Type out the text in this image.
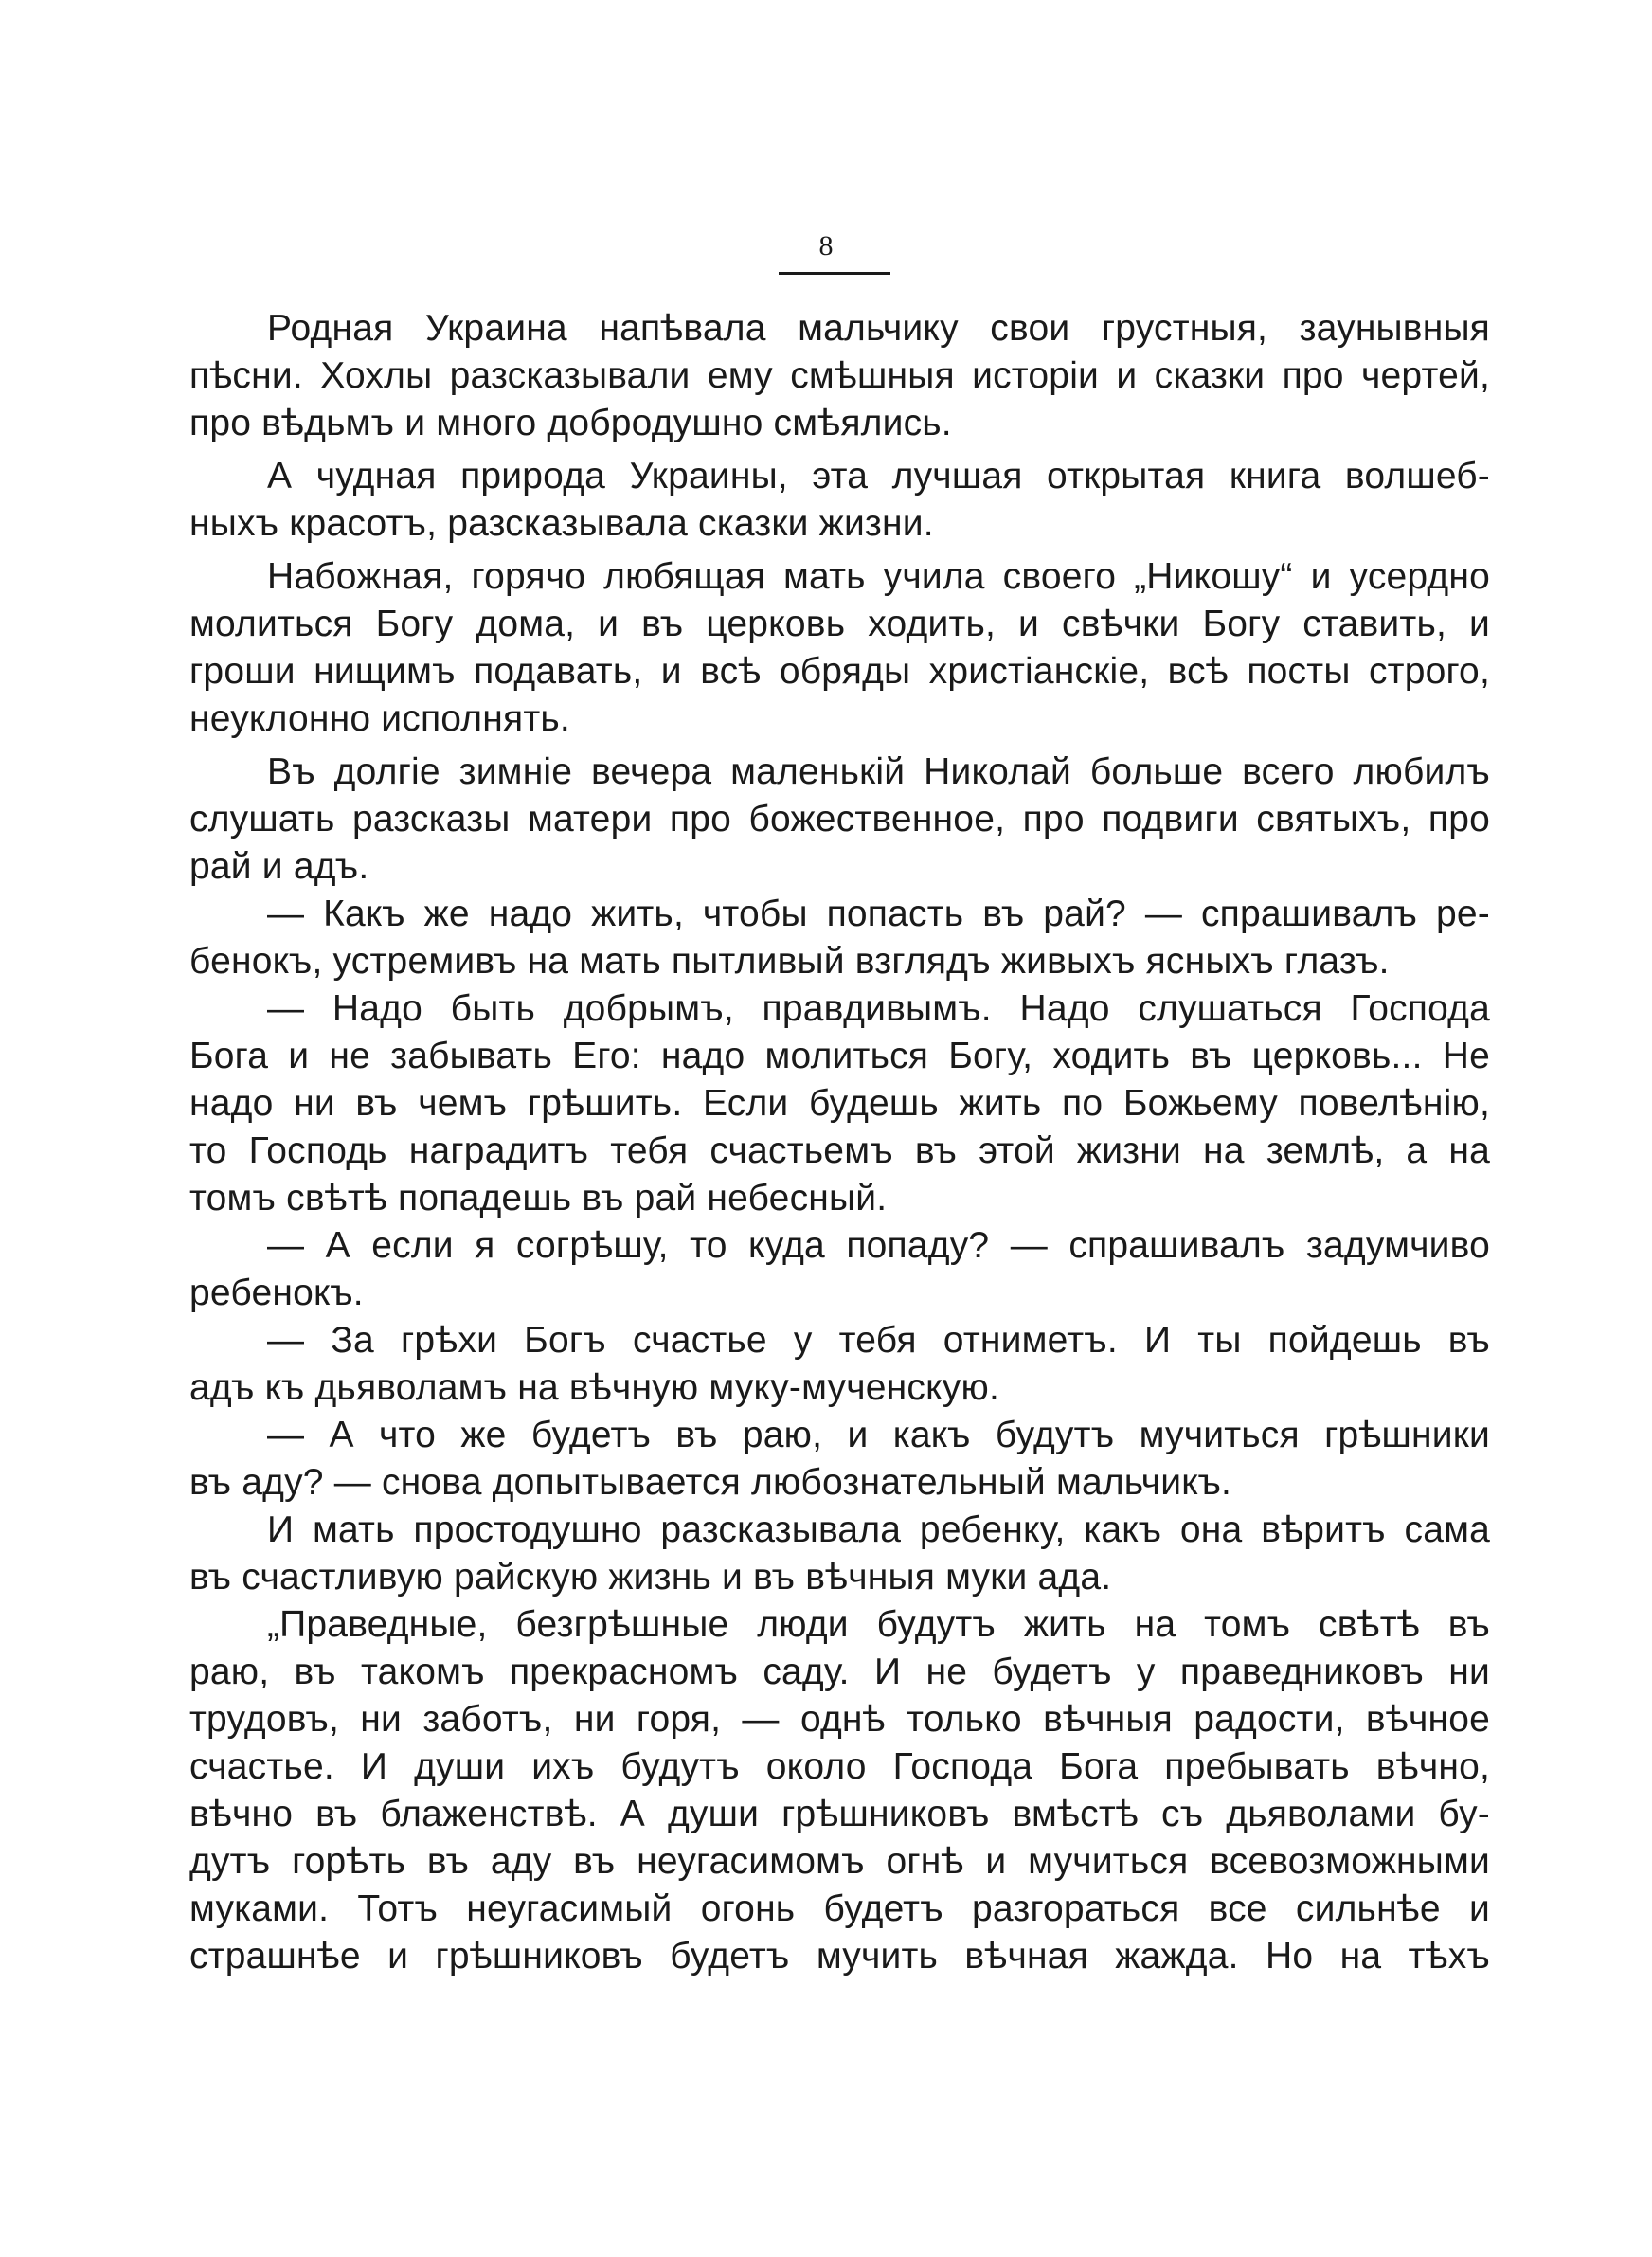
8
Родная Украина напѣвала мальчику свои грустныя, заунывныя
пѣсни. Хохлы разсказывали ему смѣшныя исторіи и сказки про чертей,
про вѣдьмъ и много добродушно смѣялись.
А чудная природа Украины, эта лучшая открытая книга волшеб-
ныхъ красотъ, разсказывала сказки жизни.
Набожная, горячо любящая мать учила своего „Никошу“ и усердно
молиться Богу дома, и въ церковь ходить, и свѣчки Богу ставить, и
гроши нищимъ подавать, и всѣ обряды христіанскіе, всѣ посты строго,
неуклонно исполнять.
Въ долгіе зимніе вечера маленькій Николай больше всего любилъ
слушать разсказы матери про божественное, про подвиги святыхъ, про
рай и адъ.
— Какъ же надо жить, чтобы попасть въ рай? — спрашивалъ ре-
бенокъ, устремивъ на мать пытливый взглядъ живыхъ ясныхъ глазъ.
— Надо быть добрымъ, правдивымъ. Надо слушаться Господа
Бога и не забывать Его: надо молиться Богу, ходить въ церковь... Не
надо ни въ чемъ грѣшить. Если будешь жить по Божьему повелѣнію,
то Господь наградитъ тебя счастьемъ въ этой жизни на землѣ, а на
томъ свѣтѣ попадешь въ рай небесный.
— А если я согрѣшу, то куда попаду? — спрашивалъ задумчиво
ребенокъ.
— За грѣхи Богъ счастье у тебя отниметъ. И ты пойдешь въ
адъ къ дьяволамъ на вѣчную муку-мученскую.
— А что же будетъ въ раю, и какъ будутъ мучиться грѣшники
въ аду? — снова допытывается любознательный мальчикъ.
И мать простодушно разсказывала ребенку, какъ она вѣритъ сама
въ счастливую райскую жизнь и въ вѣчныя муки ада.
„Праведные, безгрѣшные люди будутъ жить на томъ свѣтѣ въ
раю, въ такомъ прекрасномъ саду. И не будетъ у праведниковъ ни
трудовъ, ни заботъ, ни горя, — однѣ только вѣчныя радости, вѣчное
счастье. И души ихъ будутъ около Господа Бога пребывать вѣчно,
вѣчно въ блаженствѣ. А души грѣшниковъ вмѣстѣ съ дьяволами бу-
дутъ горѣть въ аду въ неугасимомъ огнѣ и мучиться всевозможными
муками. Тотъ неугасимый огонь будетъ разгораться все сильнѣе и
страшнѣе и грѣшниковъ будетъ мучить вѣчная жажда. Но на тѣхъ
